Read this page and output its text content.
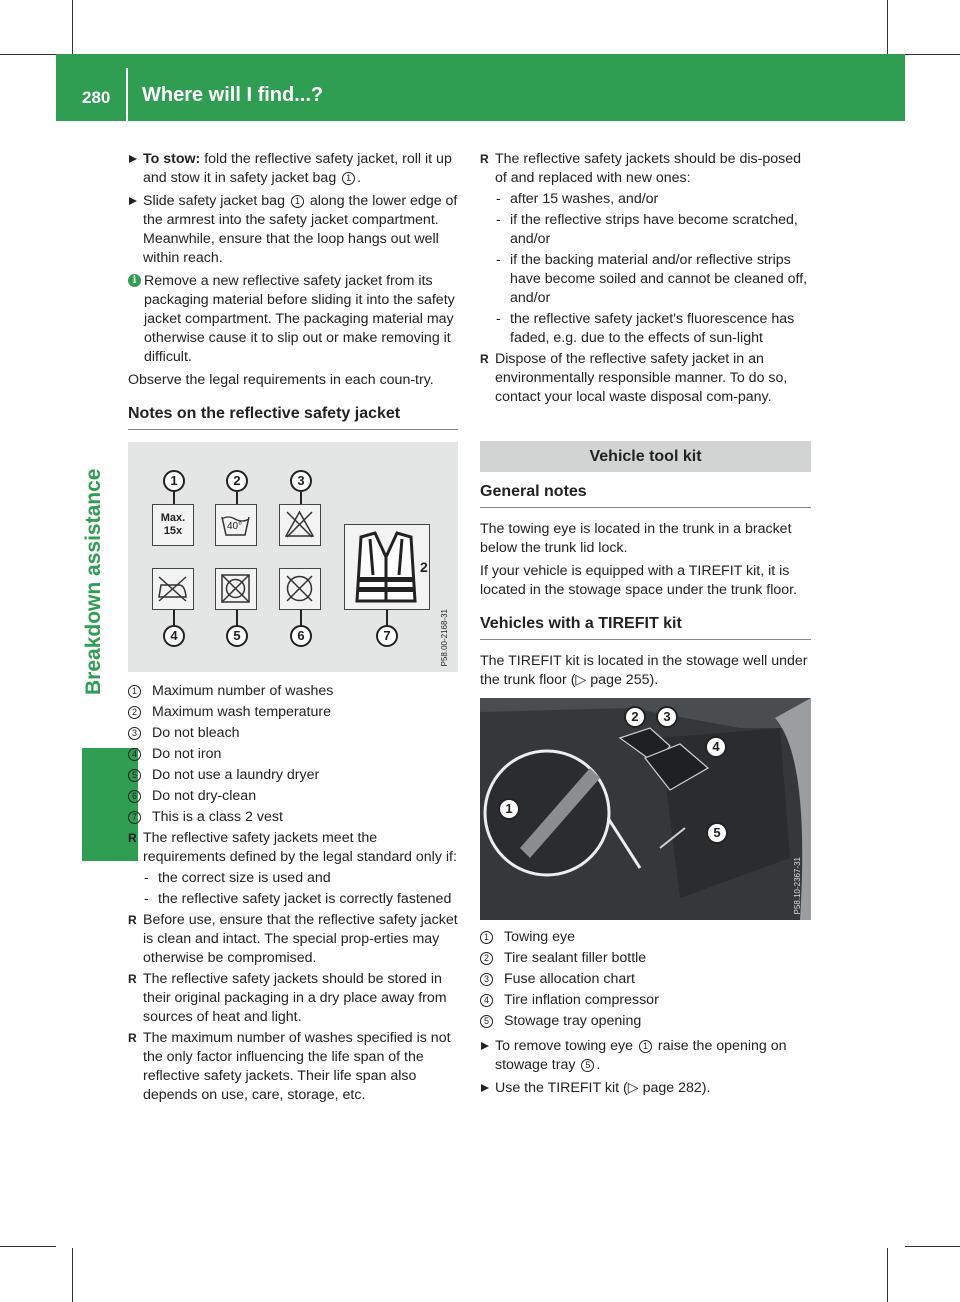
280 Where will I find...?
Breakdown assistance
To stow: fold the reflective safety jacket, roll it up and stow it in safety jacket bag 1 .
Slide safety jacket bag 1 along the lower edge of the armrest into the safety jacket compartment. Meanwhile, ensure that the loop hangs out well within reach.
i Remove a new reflective safety jacket from its packaging material before sliding it into the safety jacket compartment. The packaging material may otherwise cause it to slip out or make removing it difficult.
Observe the legal requirements in each coun-try.
Notes on the reflective safety jacket
1	2	3
Max.
15x	40°
2
4	5	6	7	P58.00-2168-31
1 Maximum number of washes
2 Maximum wash temperature
3 Do not bleach
4 Do not iron
5 Do not use a laundry dryer
6 Do not dry-clean
7 This is a class 2 vest
R The reflective safety jackets meet the requirements defined by the legal standard only if:
- the correct size is used and
- the reflective safety jacket is correctly fastened
R Before use, ensure that the reflective safety jacket is clean and intact. The special prop-erties may otherwise be compromised.
R The reflective safety jackets should be stored in their original packaging in a dry place away from sources of heat and light.
R The maximum number of washes specified is not the only factor influencing the life span of the reflective safety jackets. Their life span also depends on use, care, storage, etc.
R The reflective safety jackets should be dis-posed of and replaced with new ones:
- after 15 washes, and/or
- if the reflective strips have become scratched, and/or
- if the backing material and/or reflective strips have become soiled and cannot be cleaned off, and/or
- the reflective safety jacket's fluorescence has faded, e.g. due to the effects of sun-light
R Dispose of the reflective safety jacket in an environmentally responsible manner. To do so, contact your local waste disposal com-pany.
Vehicle tool kit
General notes
The towing eye is located in the trunk in a bracket below the trunk lid lock.
If your vehicle is equipped with a TIREFIT kit, it is located in the stowage space under the trunk floor.
Vehicles with a TIREFIT kit
The TIREFIT kit is located in the stowage well under the trunk floor (▷ page 255).
1
2	3
4
5
P58.10-2367-31
1 Towing eye
2 Tire sealant filler bottle
3 Fuse allocation chart
4 Tire inflation compressor
5 Stowage tray opening
To remove towing eye 1 raise the opening on stowage tray 5 .
Use the TIREFIT kit (▷ page 282).
